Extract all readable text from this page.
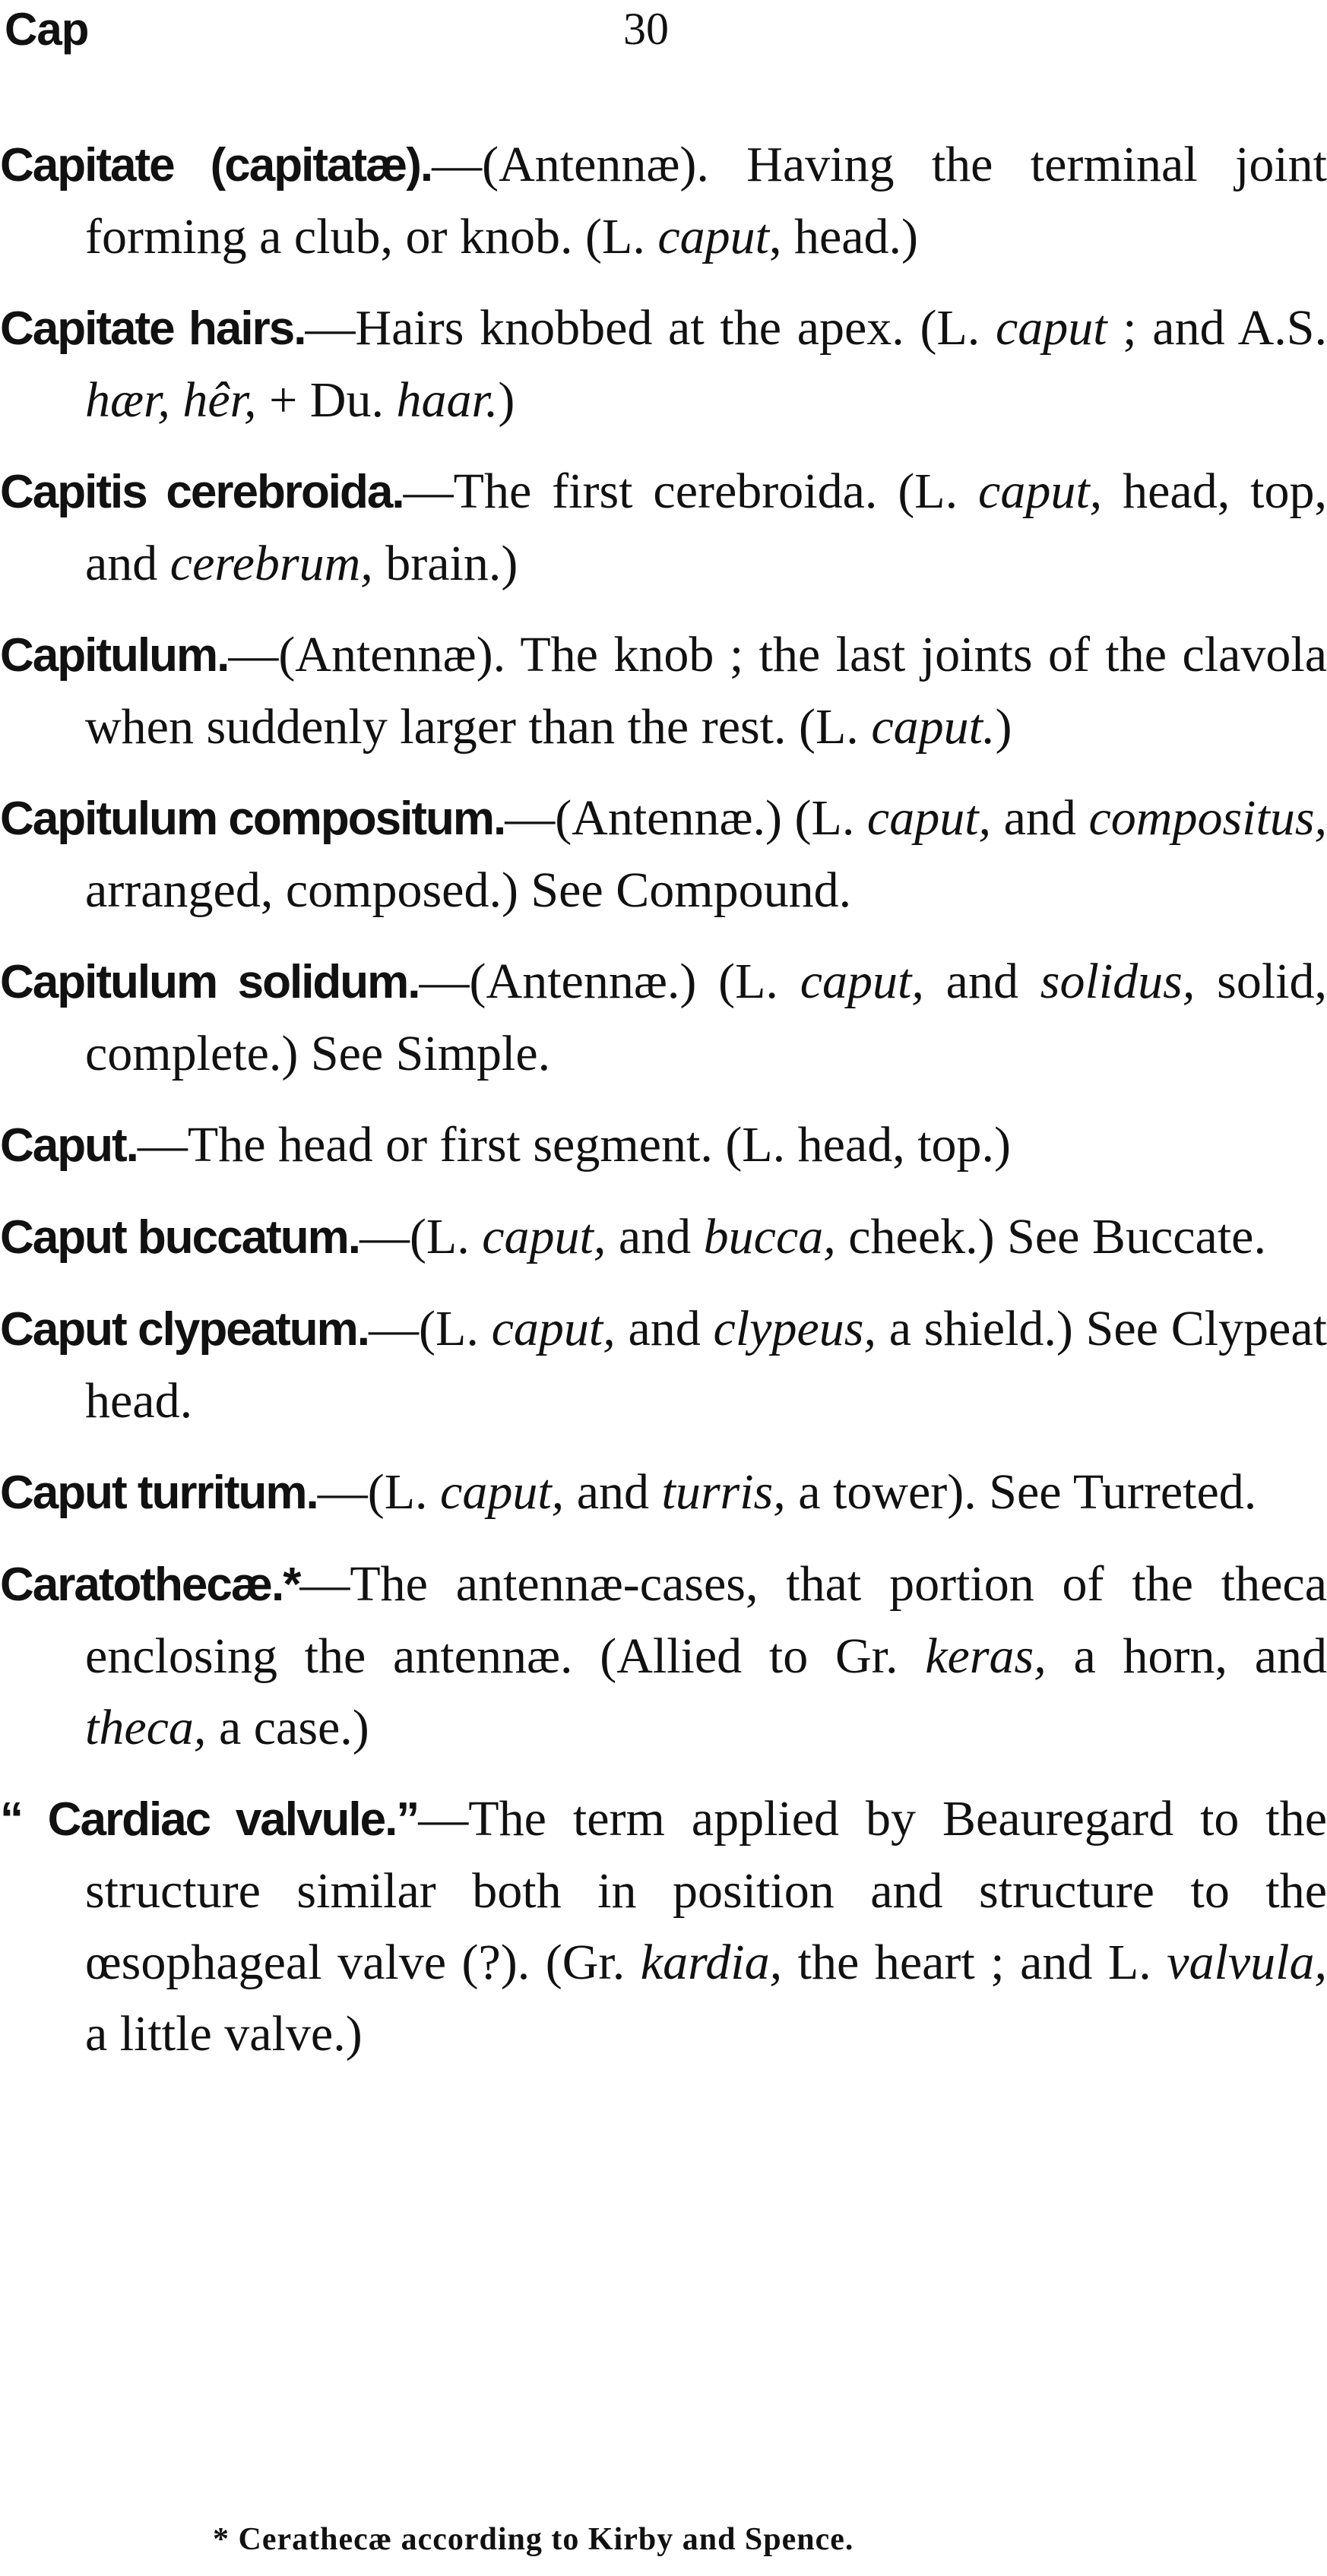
Cap	30

Capitate (capitatæ).—(Antennæ). Having the terminal joint forming a club, or knob. (L. caput, head.)

Capitate hairs.—Hairs knobbed at the apex. (L. caput ; and A.S. hær, hêr, + Du. haar.)

Capitis cerebroida.—The first cerebroida. (L. caput, head, top, and cerebrum, brain.)

Capitulum.—(Antennæ). The knob ; the last joints of the clavola when suddenly larger than the rest. (L. caput.)

Capitulum compositum.—(Antennæ.) (L. caput, and compositus, arranged, composed.) See Compound.

Capitulum solidum.—(Antennæ.) (L. caput, and solidus, solid, complete.) See Simple.

Caput.—The head or first segment. (L. head, top.)

Caput buccatum.—(L. caput, and bucca, cheek.) See Buccate.

Caput clypeatum.—(L. caput, and clypeus, a shield.) See Clypeat head.

Caput turritum.—(L. caput, and turris, a tower). See Turreted.

Caratothecæ.*—The antennæ-cases, that portion of the theca enclosing the antennæ. (Allied to Gr. keras, a horn, and theca, a case.)

“ Cardiac valvule.”—The term applied by Beauregard to the structure similar both in position and structure to the œsophageal valve (?). (Gr. kardia, the heart ; and L. valvula, a little valve.)

* Cerathecæ according to Kirby and Spence.
